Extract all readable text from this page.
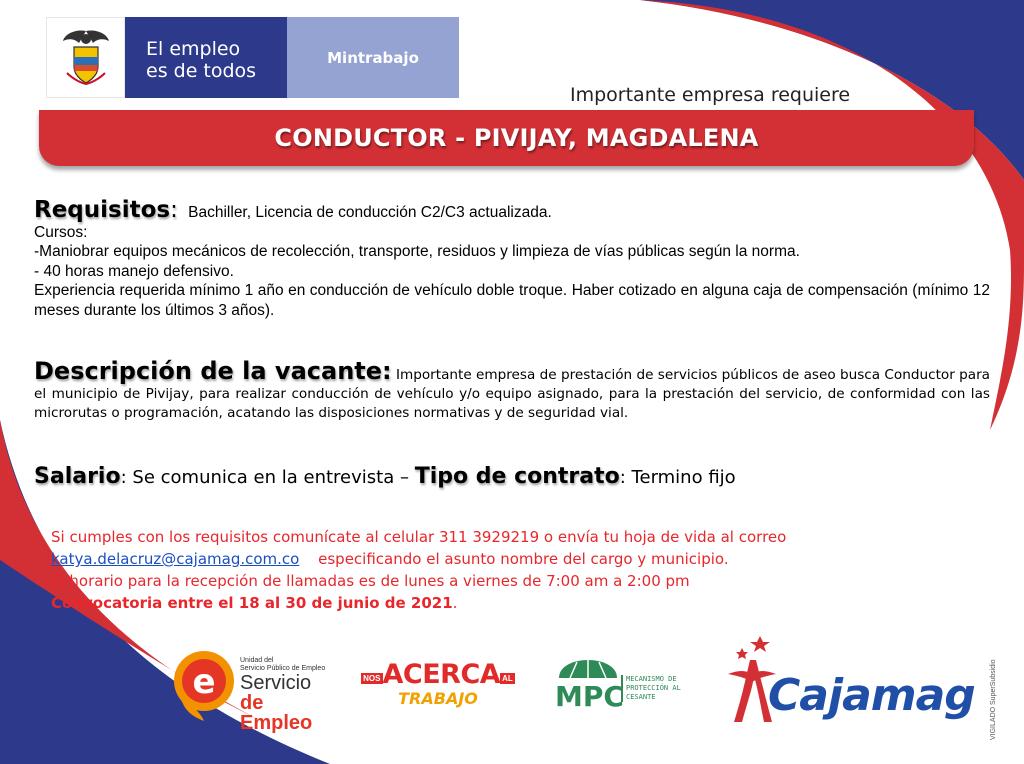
El empleo
es de todos
Mintrabajo
Importante empresa requiere
CONDUCTOR - PIVIJAY, MAGDALENA
Requisitos: Bachiller, Licencia de conducción C2/C3 actualizada.
Cursos:
-Maniobrar equipos mecánicos de recolección, transporte, residuos y limpieza de vías públicas según la norma.
- 40 horas manejo defensivo.
Experiencia requerida mínimo 1 año en conducción de vehículo doble troque. Haber cotizado en alguna caja de compensación (mínimo 12 meses durante los últimos 3 años).
Descripción de la vacante: Importante empresa de prestación de servicios públicos de aseo busca Conductor para el municipio de Pivijay, para realizar conducción de vehículo y/o equipo asignado, para la prestación del servicio, de conformidad con las microrutas o programación, acatando las disposiciones normativas y de seguridad vial.
Salario: Se comunica en la entrevista – Tipo de contrato: Termino fijo
Si cumples con los requisitos comunícate al celular 311 3929219 o envía tu hoja de vida al correo
katya.delacruz@cajamag.com.co especificando el asunto nombre del cargo y municipio.
El horario para la recepción de llamadas es de lunes a viernes de 7:00 am a 2:00 pm
Convocatoria entre el 18 al 30 de junio de 2021.
e
Unidad del
Servicio Público de Empleo
Servicio
de Empleo
NOSACERCA AL
TRABAJO	MPC
MECANISMO DE PROTECCIÓN AL CESANTE	Cajamag VIGILADO SuperSubsidio
